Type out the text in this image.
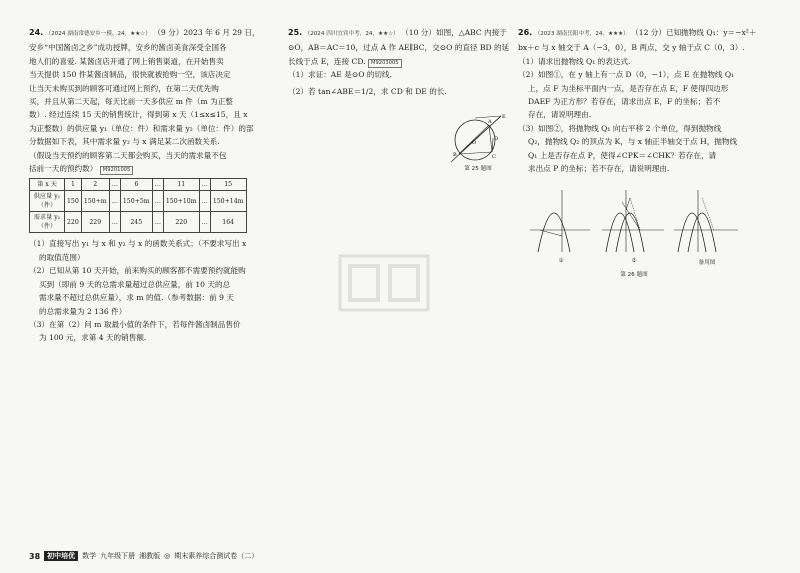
24. （2024 湖南常德安乡一模，24，★★☆） （9 分）2023 年 6 月 29 日，
安乡“中国酱卤之乡”成功授牌，安乡的酱卤美食深受全国各
地人们的喜爱. 某酱卤店开通了网上销售渠道，在开始售卖
当天提供 150 件某酱卤制品，很快就被抢购一空，该店决定
让当天未购买到的顾客可通过网上预约，在第二天优先购
买，并且从第二天起，每天比前一天多供应 m 件（m 为正整
数）. 经过连续 15 天的销售统计，得到第 x 天（1≤x≤15，且 x
为正整数）的供应量 y₁（单位：件）和需求量 y₂（单位：件）的部
分数据如下表，其中需求量 y₂ 与 x 满足某二次函数关系.
（假设当天预约的顾客第二天都会购买，当天的需求量不包
括前一天的预约数） M9201005
第 x 天	1	2	…	6	…	11	…	15
供应量 y₁（件）	150	150+m	…	150+5m	…	150+10m	…	150+14m
需求量 y₂（件）	220	229	…	245	…	220	…	164
（1）直接写出 y₁ 与 x 和 y₂ 与 x 的函数关系式；（不要求写出 x
的取值范围）
（2）已知从第 10 天开始，前来购买的顾客都不需要预约就能购
买到（即前 9 天的总需求量超过总供应量，前 10 天的总
需求量不超过总供应量），求 m 的值.（参考数据：前 9 天
的总需求量为 2 136 件）
（3）在第（2）问 m 取最小值的条件下，若每件酱卤制品售价
为 100 元，求第 4 天的销售额.
25. （2024 四川宜宾中考，24，★★☆） （10 分）如图，△ABC 内接于
⊙O，AB＝AC＝10，过点 A 作 AE∥BC，交⊙O 的直径 BD 的延
长线于点 E，连接 CD. M9203005
（1）求证：AE 是⊙O 的切线.
（2）若 tan∠ABE＝1/2，求 CD 和 DE 的长.
A
B	C
D
E
O
第 25 题图
26. （2023 湖南岳阳中考，24，★★★） （12 分）已知抛物线 Q₁：y＝−x²＋
bx＋c 与 x 轴交于 A（−3，0），B 两点，交 y 轴于点 C（0，3）.
（1）请求出抛物线 Q₁ 的表达式.
（2）如图①，在 y 轴上有一点 D（0，−1），点 E 在抛物线 Q₁
上，点 F 为坐标平面内一点，是否存在点 E，F 使得四边形
DAEF 为正方形？若存在，请求出点 E，F 的坐标；若不
存在，请说明理由.
（3）如图②，将抛物线 Q₁ 向右平移 2 个单位，得到抛物线
Q₂，抛物线 Q₂ 的顶点为 K，与 x 轴正半轴交于点 H，抛物线
Q₁ 上是否存在点 P，使得∠CPK＝∠CHK？若存在，请
求出点 P 的坐标；若不存在，请说明理由.
①	②	备用图
第 26 题图
38	初中培优	数学 九年级下册 湘教版 ◎ 期末素养综合测试卷（二）
